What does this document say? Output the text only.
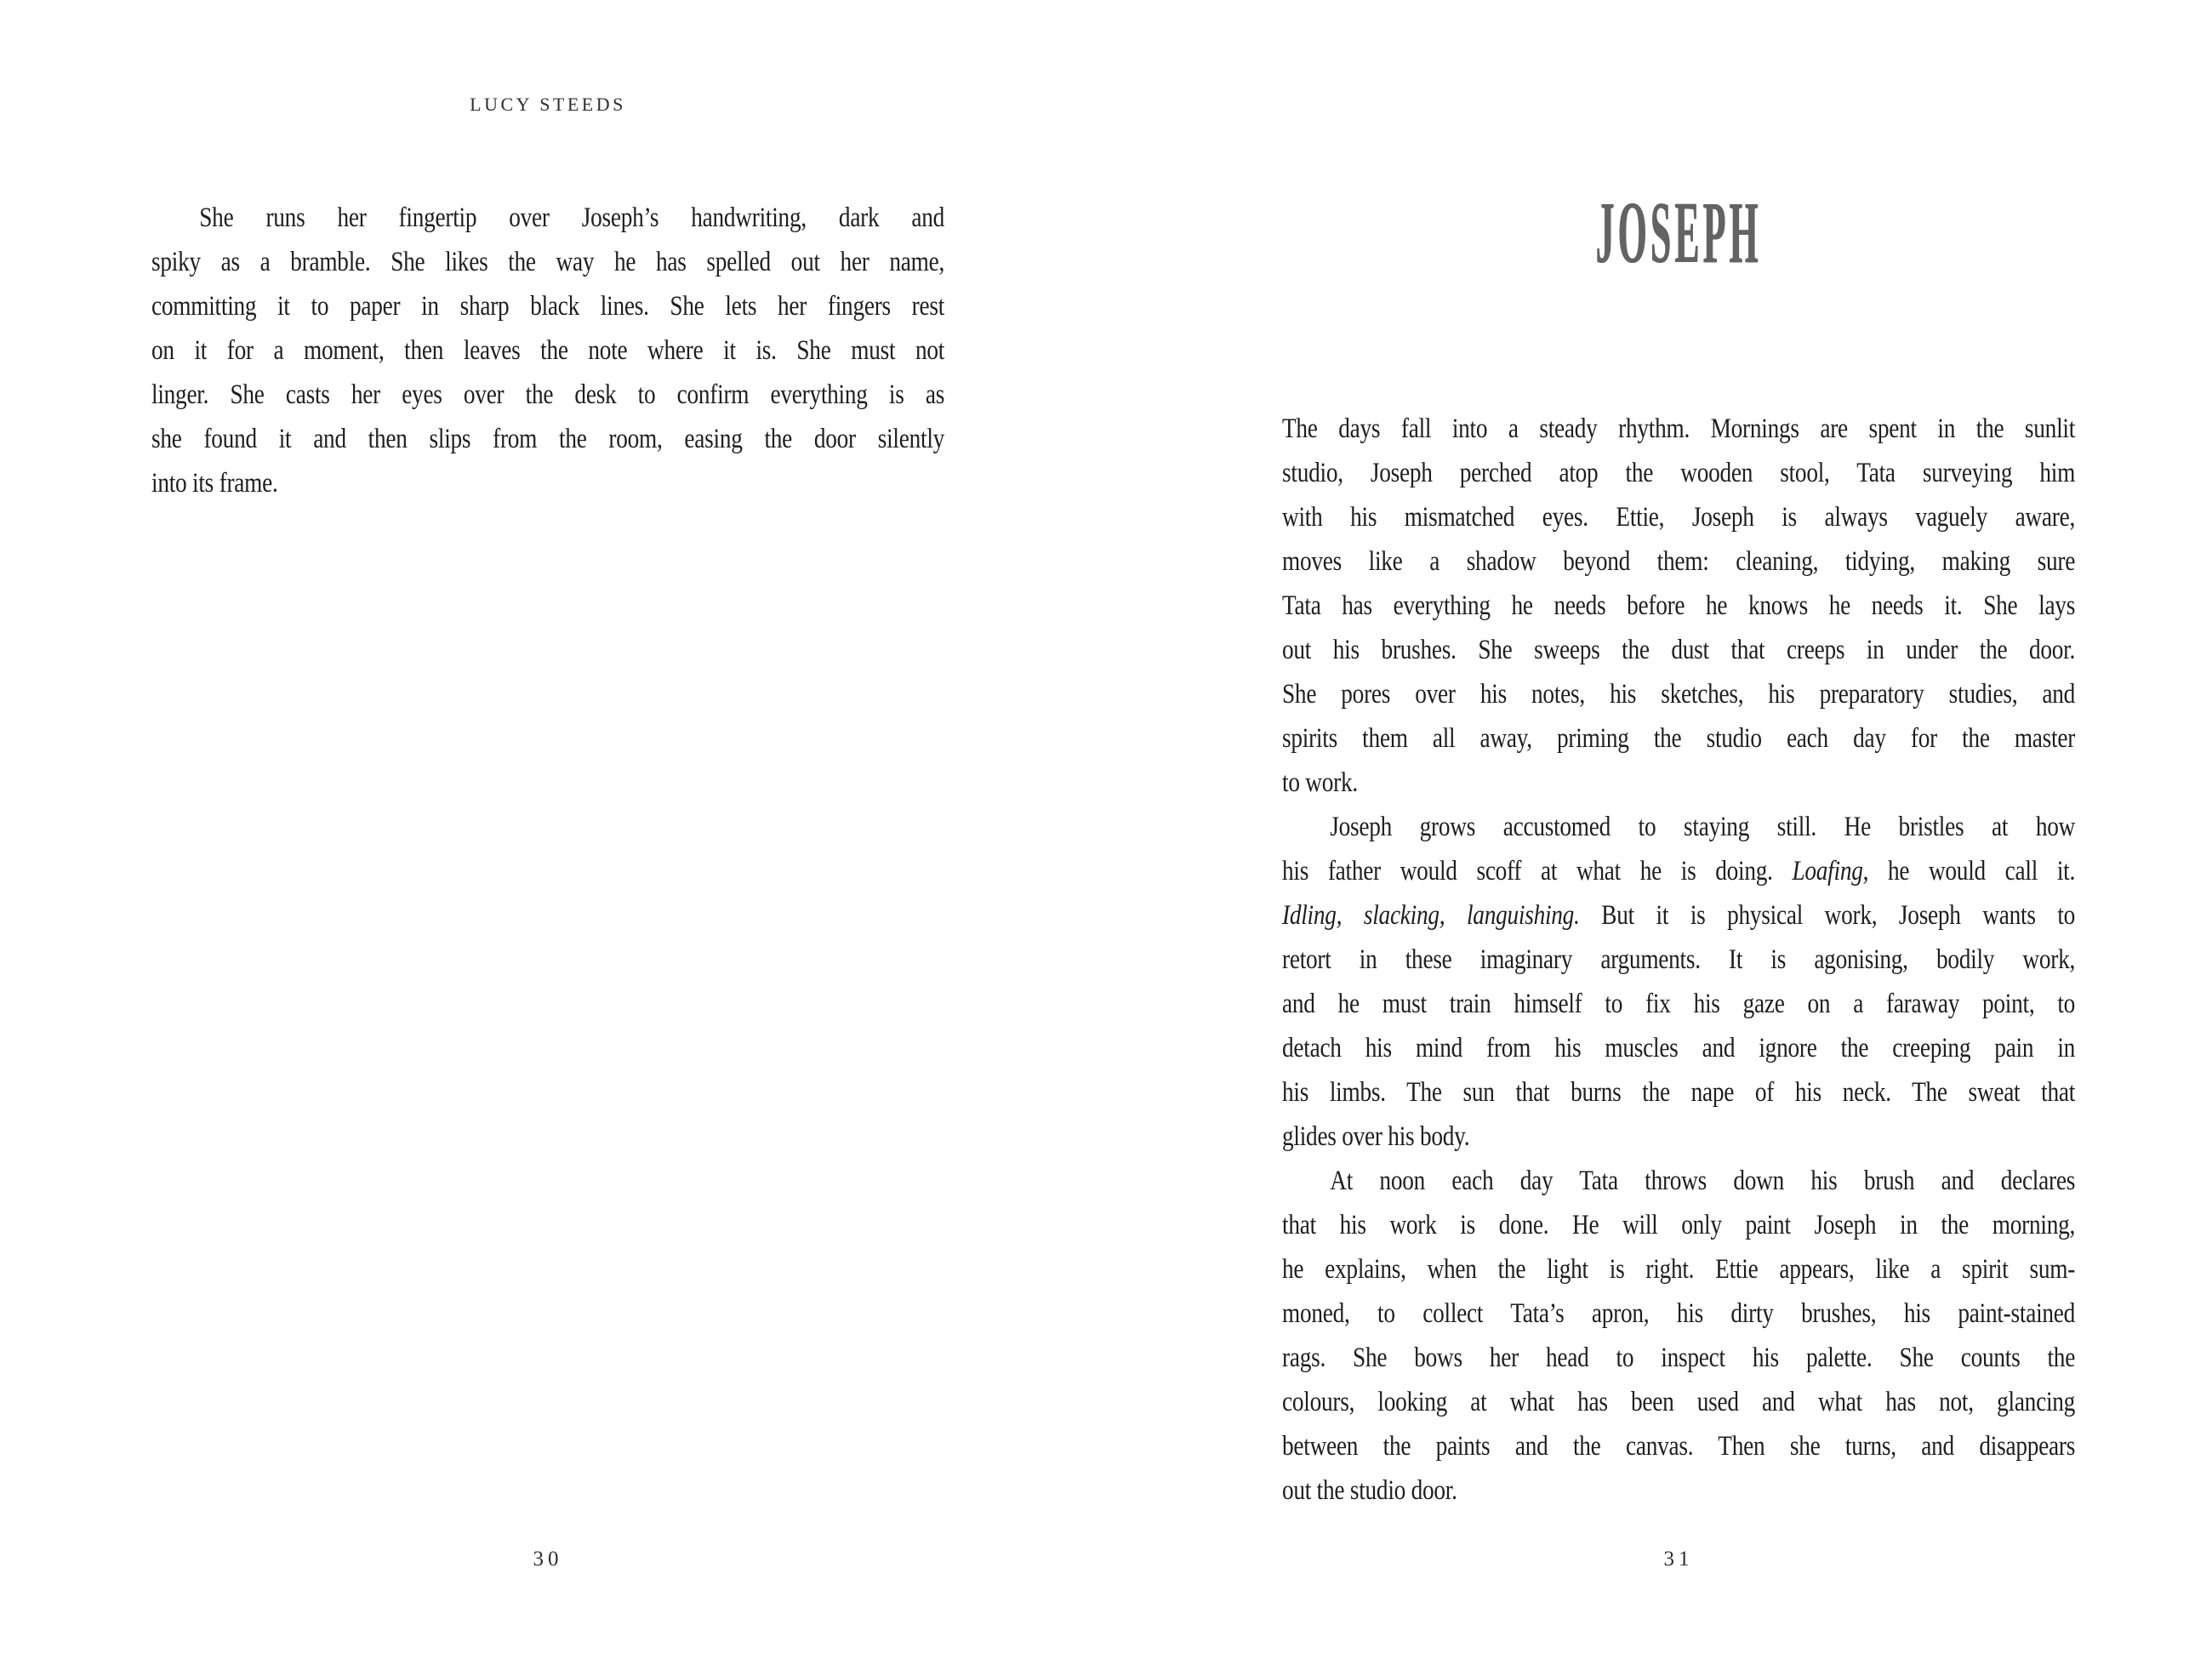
LUCY STEEDS
She runs her fingertip over Joseph’s handwriting, dark and
spiky as a bramble. She likes the way he has spelled out her name,
committing it to paper in sharp black lines. She lets her fingers rest
on it for a moment, then leaves the note where it is. She must not
linger. She casts her eyes over the desk to confirm everything is as
she found it and then slips from the room, easing the door silently
into its frame.
30
JOSEPH
The days fall into a steady rhythm. Mornings are spent in the sunlit
studio, Joseph perched atop the wooden stool, Tata surveying him
with his mismatched eyes. Ettie, Joseph is always vaguely aware,
moves like a shadow beyond them: cleaning, tidying, making sure
Tata has everything he needs before he knows he needs it. She lays
out his brushes. She sweeps the dust that creeps in under the door.
She pores over his notes, his sketches, his preparatory studies, and
spirits them all away, priming the studio each day for the master
to work.
Joseph grows accustomed to staying still. He bristles at how
his father would scoff at what he is doing. Loafing, he would call it.
Idling, slacking, languishing. But it is physical work, Joseph wants to
retort in these imaginary arguments. It is agonising, bodily work,
and he must train himself to fix his gaze on a faraway point, to
detach his mind from his muscles and ignore the creeping pain in
his limbs. The sun that burns the nape of his neck. The sweat that
glides over his body.
At noon each day Tata throws down his brush and declares
that his work is done. He will only paint Joseph in the morning,
he explains, when the light is right. Ettie appears, like a spirit sum-
moned, to collect Tata’s apron, his dirty brushes, his paint-stained
rags. She bows her head to inspect his palette. She counts the
colours, looking at what has been used and what has not, glancing
between the paints and the canvas. Then she turns, and disappears
out the studio door.
31
